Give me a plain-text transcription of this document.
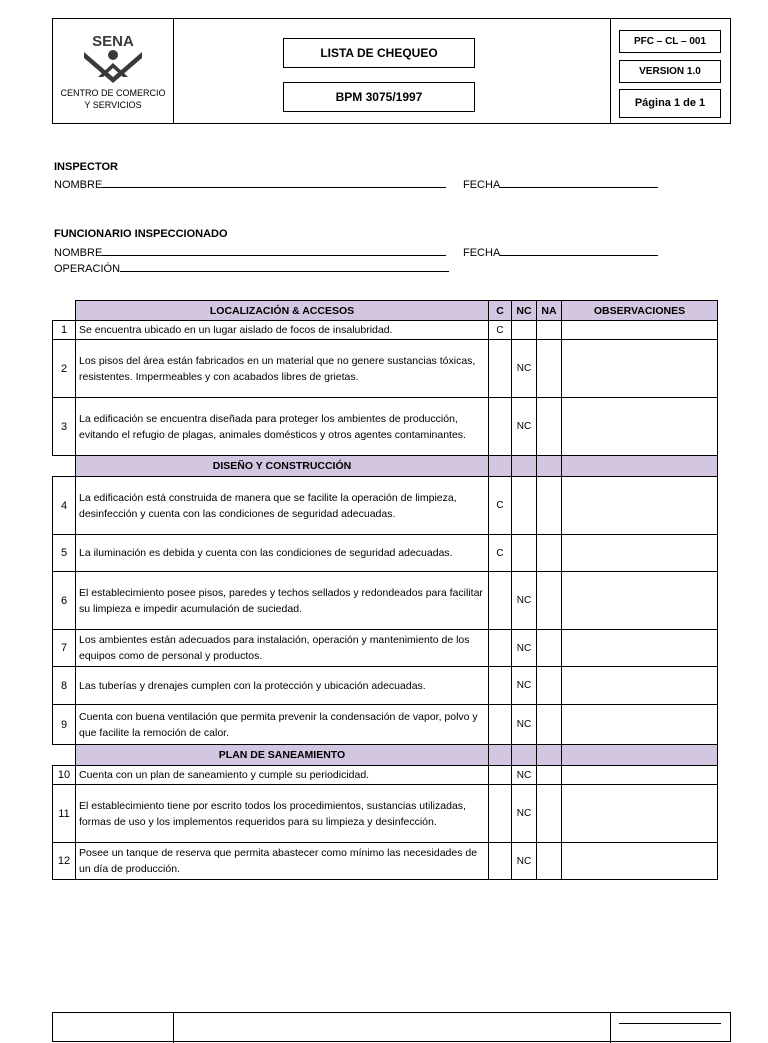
SENA
CENTRO DE COMERCIO
Y SERVICIOS
LISTA DE CHEQUEO
BPM 3075/1997
PFC – CL – 001
VERSION 1.0
Página 1 de 1
INSPECTOR
NOMBRE	FECHA
FUNCIONARIO INSPECCIONADO
NOMBRE	FECHA
OPERACIÓN
	LOCALIZACIÓN & ACCESOS	C	NC	NA	OBSERVACIONES
1	Se encuentra ubicado en un lugar aislado de focos de insalubridad.	C			
2	Los pisos del área están fabricados en un material que no genere sustancias tóxicas, resistentes. Impermeables y con acabados libres de grietas.		NC		
3	La edificación se encuentra diseñada para proteger los ambientes de producción, evitando el refugio de plagas, animales domésticos y otros agentes contaminantes.		NC		
	DISEÑO Y CONSTRUCCIÓN				
4	La edificación está construida de manera que se facilite la operación de limpieza, desinfección y cuenta con las condiciones de seguridad adecuadas.	C			
5	La iluminación es debida y cuenta con las condiciones de seguridad adecuadas.	C			
6	El establecimiento posee pisos, paredes y techos sellados y redondeados para facilitar su limpieza e impedir acumulación de suciedad.		NC		
7	Los ambientes están adecuados para instalación, operación y mantenimiento de los equipos como de personal y productos.		NC		
8	Las tuberías y drenajes cumplen con la protección y ubicación adecuadas.		NC		
9	Cuenta con buena ventilación que permita prevenir la condensación de vapor, polvo y que facilite la remoción de calor.		NC		
	PLAN DE SANEAMIENTO				
10	Cuenta con un plan de saneamiento y cumple su periodicidad.		NC		
11	El establecimiento tiene por escrito todos los procedimientos, sustancias utilizadas, formas de uso y los implementos requeridos para su limpieza y desinfección.		NC		
12	Posee un tanque de reserva que permita abastecer como mínimo las necesidades de un día de producción.		NC		
